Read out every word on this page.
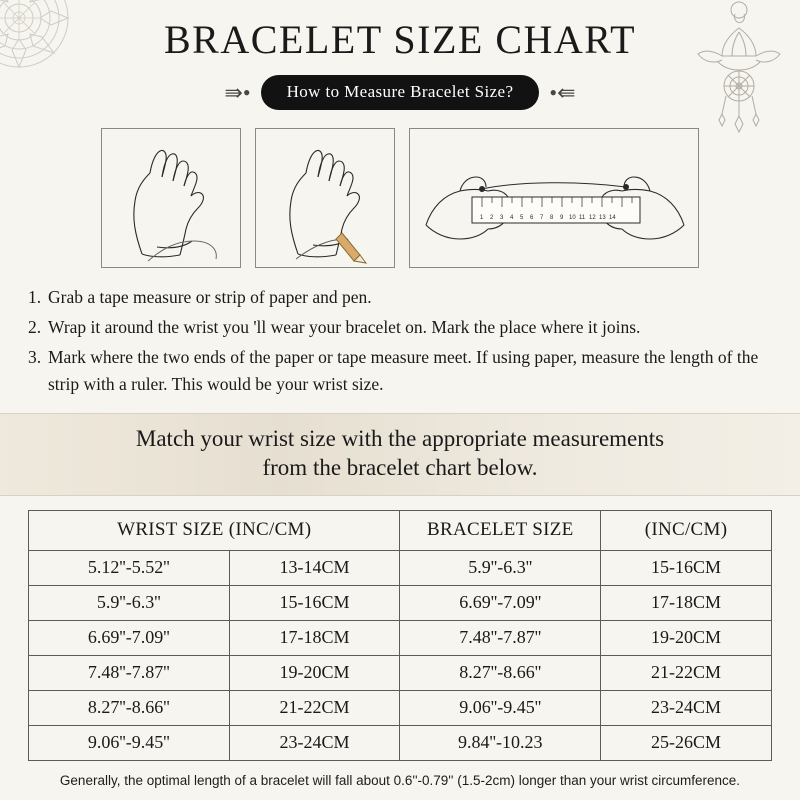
BRACELET SIZE CHART
⇛•	How to Measure Bracelet Size?	•⇚
1 2 3 4 5 6 7 8 9 10 11 12 13 14
1. Grab a tape measure or strip of paper and pen.
2. Wrap it around the wrist you 'll wear your bracelet on. Mark the place where it joins.
3. Mark where the two ends of the paper or tape measure meet. If using paper, measure the length of the strip with a ruler. This would be your wrist size.
Match your wrist size with the appropriate measurements
from the bracelet chart below.
WRIST SIZE (INC/CM)		BRACELET SIZE	(INC/CM)
5.12''-5.52''	13-14CM	5.9''-6.3''	15-16CM
5.9''-6.3''	15-16CM	6.69''-7.09''	17-18CM
6.69''-7.09''	17-18CM	7.48''-7.87''	19-20CM
7.48''-7.87''	19-20CM	8.27''-8.66''	21-22CM
8.27''-8.66''	21-22CM	9.06''-9.45''	23-24CM
9.06''-9.45''	23-24CM	9.84''-10.23	25-26CM
Generally, the optimal length of a bracelet will fall about 0.6''-0.79'' (1.5-2cm) longer than your wrist circumference.
